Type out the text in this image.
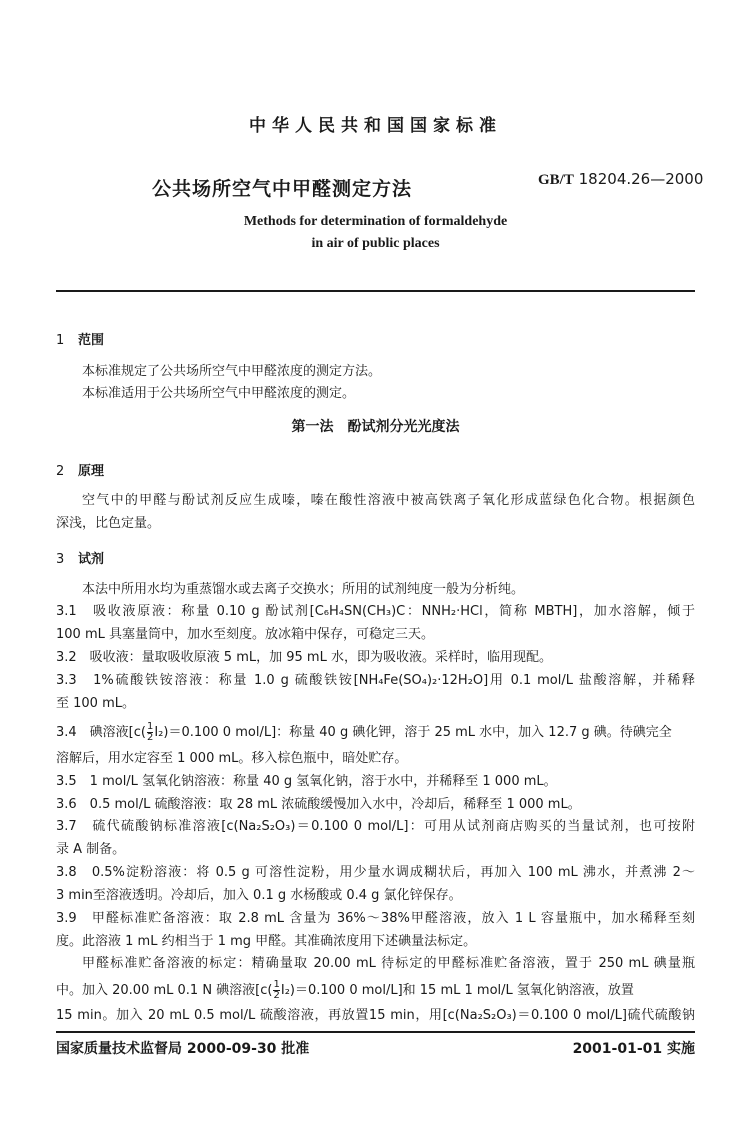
中华人民共和国国家标准
公共场所空气中甲醛测定方法	GB/T 18204.26—2000
Methods for determination of formaldehyde
in air of public places
1 范围
本标准规定了公共场所空气中甲醛浓度的测定方法。
本标准适用于公共场所空气中甲醛浓度的测定。
第一法　酚试剂分光光度法
2 原理
空气中的甲醛与酚试剂反应生成嗪，嗪在酸性溶液中被高铁离子氧化形成蓝绿色化合物。根据颜色
深浅，比色定量。
3 试剂
本法中所用水均为重蒸馏水或去离子交换水；所用的试剂纯度一般为分析纯。
3.1　吸收液原液：称量 0.10 g 酚试剂[C₆H₄SN(CH₃)C：NNH₂·HCl，简称 MBTH]，加水溶解，倾于
100 mL 具塞量筒中，加水至刻度。放冰箱中保存，可稳定三天。
3.2　吸收液：量取吸收原液 5 mL，加 95 mL 水，即为吸收液。采样时，临用现配。
3.3　1%硫酸铁铵溶液：称量 1.0 g 硫酸铁铵[NH₄Fe(SO₄)₂·12H₂O]用 0.1 mol/L 盐酸溶解，并稀释
至 100 mL。
3.4　碘溶液[$c( \frac{1}{2} I_2)=0.100$ 0 mol/L]：称量 40 g 碘化钾，溶于 25 mL 水中，加入 12.7 g 碘。待碘完全
溶解后，用水定容至 1 000 mL。移入棕色瓶中，暗处贮存。
3.5　1 mol/L 氢氧化钠溶液：称量 40 g 氢氧化钠，溶于水中，并稀释至 1 000 mL。
3.6　0.5 mol/L 硫酸溶液：取 28 mL 浓硫酸缓慢加入水中，冷却后，稀释至 1 000 mL。
3.7　硫代硫酸钠标准溶液[c(Na₂S₂O₃)＝0.100 0 mol/L]：可用从试剂商店购买的当量试剂，也可按附
录 A 制备。
3.8　0.5%淀粉溶液：将 0.5 g 可溶性淀粉，用少量水调成糊状后，再加入 100 mL 沸水，并煮沸 2～
3 min至溶液透明。冷却后，加入 0.1 g 水杨酸或 0.4 g 氯化锌保存。
3.9　甲醛标准贮备溶液：取 2.8 mL 含量为 36%～38%甲醛溶液，放入 1 L 容量瓶中，加水稀释至刻
度。此溶液 1 mL 约相当于 1 mg 甲醛。其准确浓度用下述碘量法标定。
甲醛标准贮备溶液的标定：精确量取 20.00 mL 待标定的甲醛标准贮备溶液，置于 250 mL 碘量瓶
中。加入 20.00 mL 0.1 N 碘溶液[$c( \frac{1}{2} I_2)=0.100$ 0 mol/L]和 15 mL 1 mol/L 氢氧化钠溶液，放置
15 min。加入 20 mL 0.5 mol/L 硫酸溶液，再放置15 min，用[c(Na₂S₂O₃)＝0.100 0 mol/L]硫代硫酸钠
国家质量技术监督局 2000-09-30 批准	2001-01-01 实施
